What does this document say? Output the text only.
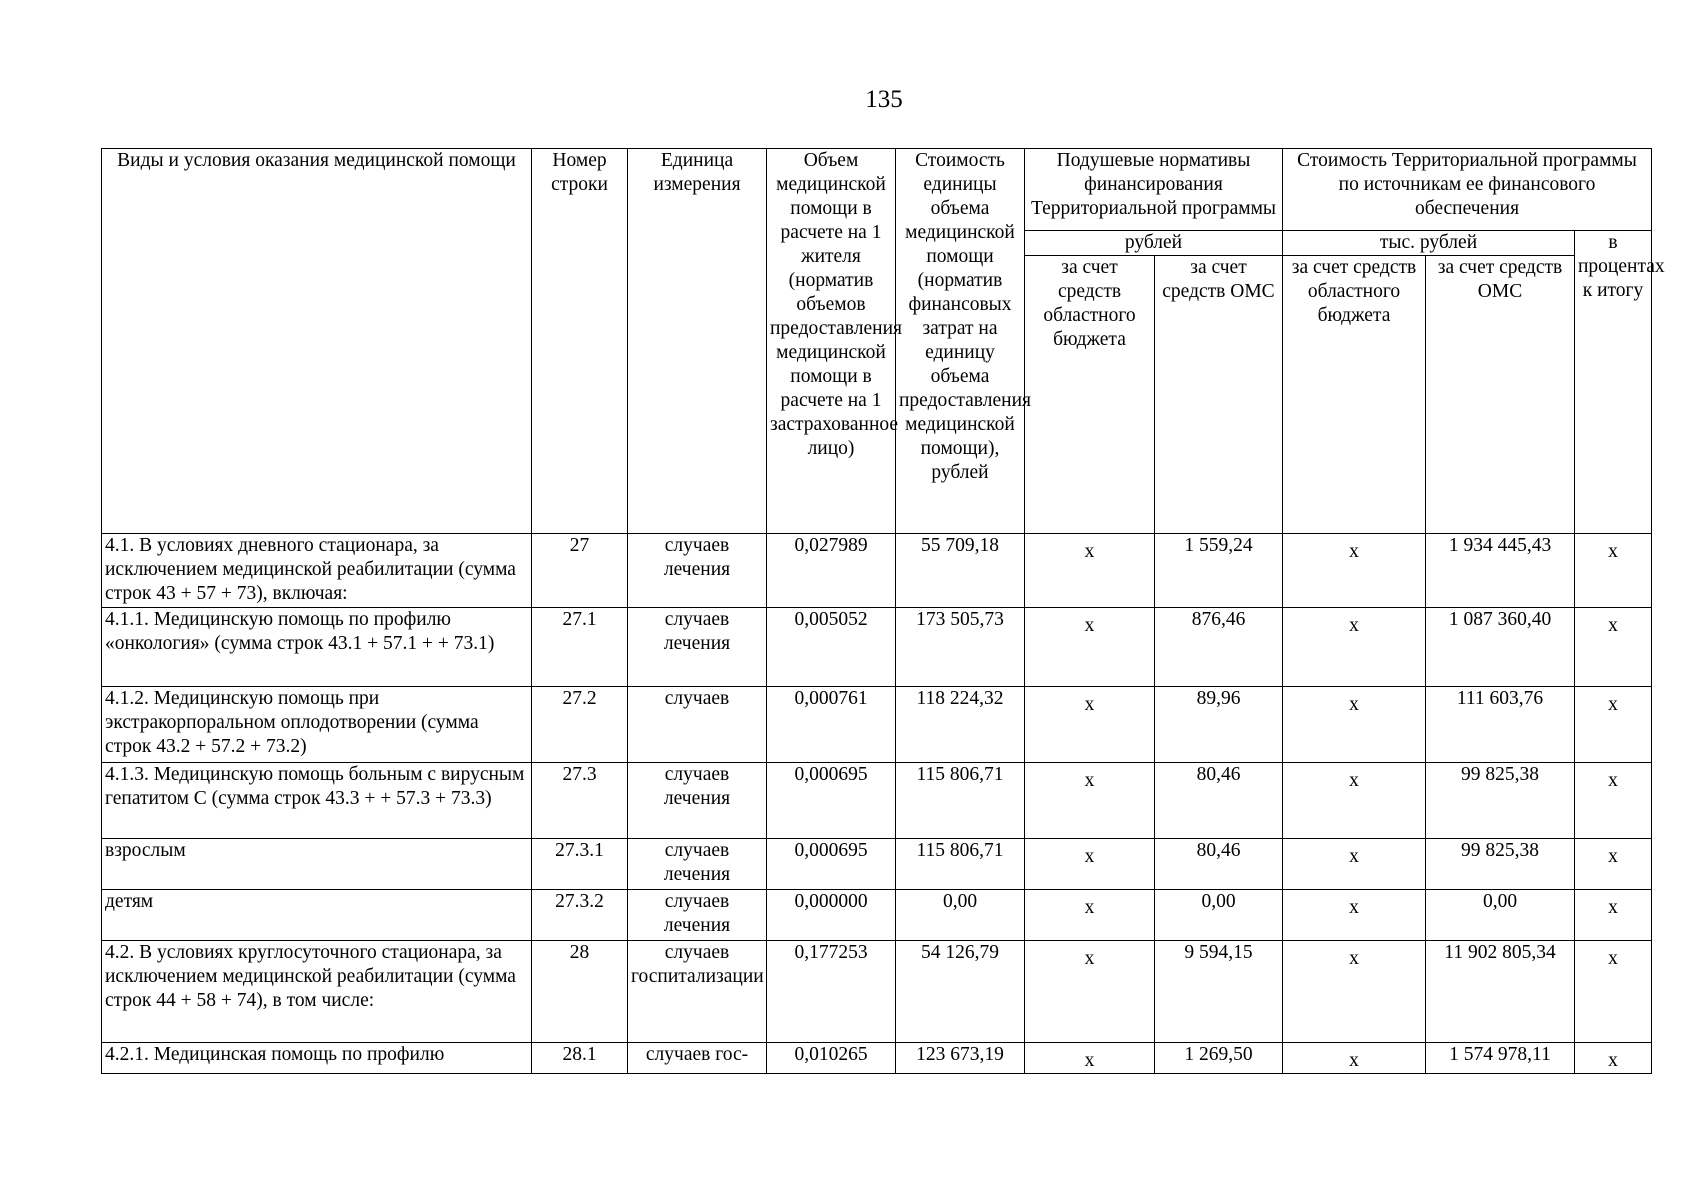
135
Виды и условия оказания медицинской помощи	Номер строки	Единица измерения	Объем медицинской помощи в расчете на 1 жителя (норматив объемов предоставления медицинской помощи в расчете на 1 застрахованное лицо)	Стоимость единицы объема медицинской помощи (норматив финансовых затрат на единицу объема предоставления медицинской помощи), рублей	Подушевые нормативы финансирования Территориальной программы		Стоимость Территориальной программы по источникам ее финансового обеспечения		
					рублей		тыс. рублей		в процентах к итогу
					за счет средств областного бюджета	за счет средств ОМС	за счет средств областного бюджета	за счет средств ОМС	
4.1. В условиях дневного стационара, за исключением медицинской реабилитации (сумма строк 43 + 57 + 73), включая:	27	случаев лечения	0,027989	55 709,18	x	1 559,24	x	1 934 445,43	x
4.1.1. Медицинскую помощь по профилю «онкология» (сумма строк 43.1 + 57.1 + + 73.1)	27.1	случаев лечения	0,005052	173 505,73	x	876,46	x	1 087 360,40	x
4.1.2. Медицинскую помощь при экстракорпоральном оплодотворении (сумма строк 43.2 + 57.2 + 73.2)	27.2	случаев	0,000761	118 224,32	x	89,96	x	111 603,76	x
4.1.3. Медицинскую помощь больным с вирусным гепатитом С (сумма строк 43.3 + + 57.3 + 73.3)	27.3	случаев лечения	0,000695	115 806,71	x	80,46	x	99 825,38	x
взрослым	27.3.1	случаев лечения	0,000695	115 806,71	x	80,46	x	99 825,38	x
детям	27.3.2	случаев лечения	0,000000	0,00	x	0,00	x	0,00	x
4.2. В условиях круглосуточного стационара, за исключением медицинской реабилитации (сумма строк 44 + 58 + 74), в том числе:	28	случаев госпитализации	0,177253	54 126,79	x	9 594,15	x	11 902 805,34	x
4.2.1. Медицинская помощь по профилю	28.1	случаев гос-	0,010265	123 673,19	x	1 269,50	x	1 574 978,11	x
